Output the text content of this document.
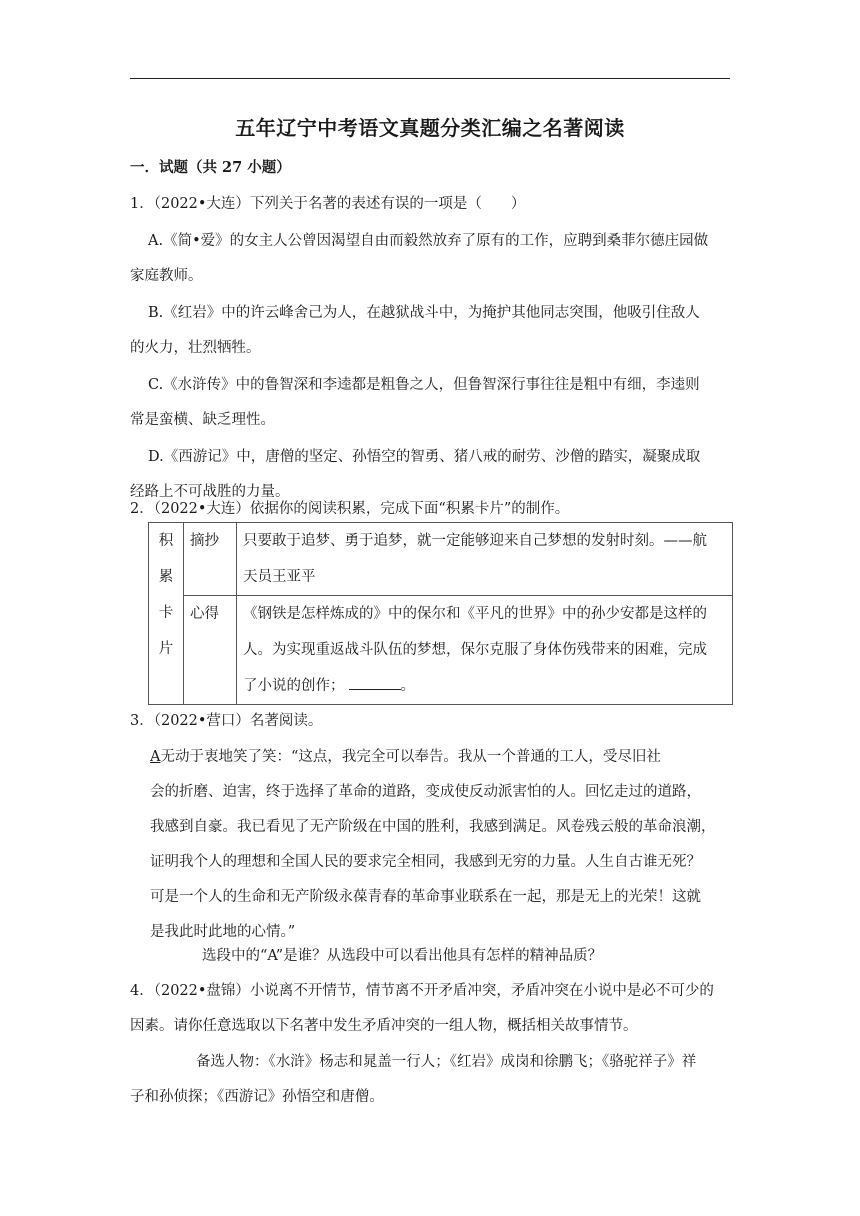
五年辽宁中考语文真题分类汇编之名著阅读
一．试题（共 27 小题）
1．（2022•大连）下列关于名著的表述有误的一项是（　　）
A.《简•爱》的女主人公曾因渴望自由而毅然放弃了原有的工作，应聘到桑菲尔德庄园做
家庭教师。
B.《红岩》中的许云峰舍己为人，在越狱战斗中，为掩护其他同志突围，他吸引住敌人
的火力，壮烈牺牲。
C.《水浒传》中的鲁智深和李逵都是粗鲁之人，但鲁智深行事往往是粗中有细，李逵则
常是蛮横、缺乏理性。
D.《西游记》中，唐僧的坚定、孙悟空的智勇、猪八戒的耐劳、沙僧的踏实，凝聚成取
经路上不可战胜的力量。
2．（2022•大连）依据你的阅读积累，完成下面“积累卡片”的制作。
积 累 卡片	摘抄	只要敢于追梦、勇于追梦，就一定能够迎来自己梦想的发射时刻。——航
天员王亚平

	心得	《钢铁是怎样炼成的》中的保尔和《平凡的世界》中的孙少安都是这样的
人。为实现重返战斗队伍的梦想，保尔克服了身体伤残带来的困难，完成
了小说的创作； 。
3．（2022•营口）名著阅读。
A无动于衷地笑了笑：“这点，我完全可以奉告。我从一个普通的工人，受尽旧社
会的折磨、迫害，终于选择了革命的道路，变成使反动派害怕的人。回忆走过的道路，
我感到自豪。我已看见了无产阶级在中国的胜利，我感到满足。风卷残云般的革命浪潮，
证明我个人的理想和全国人民的要求完全相同，我感到无穷的力量。人生自古谁无死？
可是一个人的生命和无产阶级永葆青春的革命事业联系在一起，那是无上的光荣！这就
是我此时此地的心情。”
选段中的“A”是谁？从选段中可以看出他具有怎样的精神品质？
4．（2022•盘锦）小说离不开情节，情节离不开矛盾冲突，矛盾冲突在小说中是必不可少的
因素。请你任意选取以下名著中发生矛盾冲突的一组人物，概括相关故事情节。
备选人物：《水浒》杨志和晁盖一行人；《红岩》成岗和徐鹏飞；《骆驼祥子》祥
子和孙侦探；《西游记》孙悟空和唐僧。
